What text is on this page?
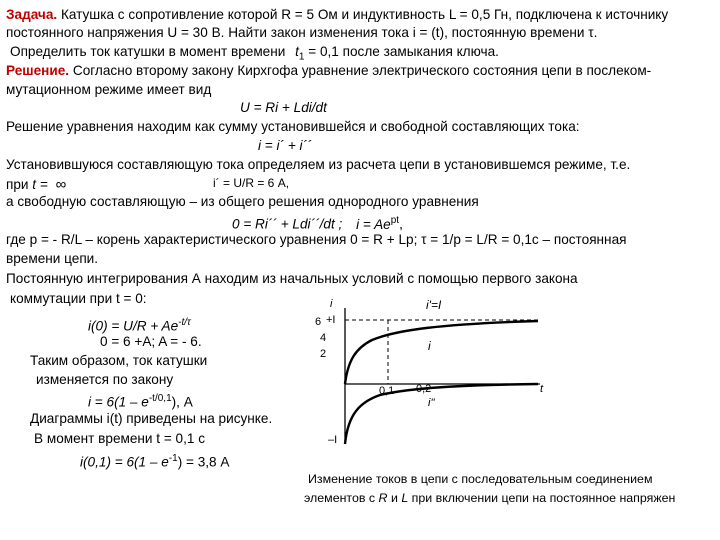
Задача. Катушка с сопротивление которой R = 5 Ом и индуктивность L = 0,5 Гн, подключена к источнику
постоянного напряжения U = 30 В. Найти закон изменения тока i = (t), постоянную времени τ.
Определить ток катушки в момент времени $t_1 = 0,1$ после замыкания ключа.
Решение. Согласно второму закону Кирхгофа уравнение электрического состояния цепи в послеком-
мутационном режиме имеет вид
U = Ri + Ldi/dt
Решение уравнения находим как сумму установившейся и свободной составляющих тока:
i = i´ + i´´
Установившуюся составляющую тока определяем из расчета цепи в установившемся режиме, т.е.
при t = ∞	i´ = U/R = 6 А,
а свободную составляющую – из общего решения однородного уравнения
0 = Ri´´ + Ldi´´/dt ; $i = Ae^{pt}$,
где p = - R/L – корень характеристического уравнения 0 = R + Lp; τ = 1/p = L/R = 0,1c – постоянная
времени цепи.
Постоянную интегрирования А находим из начальных условий с помощью первого закона
коммутации при t = 0:
$i(0) = U/R + Ae^{-t/\tau}$
0 = 6 +A; A = - 6.
Таким образом, ток катушки
изменяется по закону
$i = 6(1 - e^{-t/0,1})$, А
Диаграммы i(t) приведены на рисунке.
В момент времени t = 0,1 с
$i(0,1) = 6(1 - e^{-1}) = 3,8$ А
i	i'=I
6 +I
4
2
i
0,1 0,2	t
i''
–I
Изменение токов в цепи с последовательным соединением
элементов с R и L при включении цепи на постоянное напряжен
